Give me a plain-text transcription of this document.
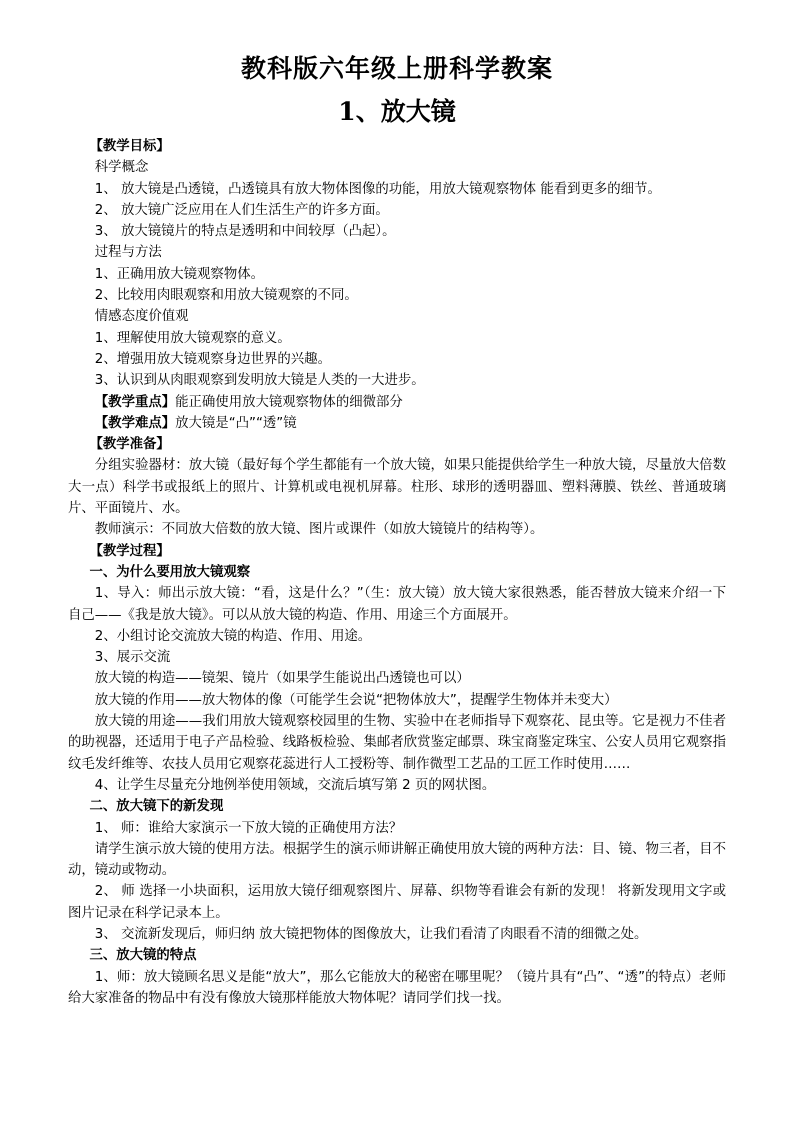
教科版六年级上册科学教案
1、放大镜

【教学目标】

科学概念

1、 放大镜是凸透镜，凸透镜具有放大物体图像的功能，用放大镜观察物体 能看到更多的细节。

2、 放大镜广泛应用在人们生活生产的许多方面。

3、 放大镜镜片的特点是透明和中间较厚（凸起）。

过程与方法

1、正确用放大镜观察物体。

2、比较用肉眼观察和用放大镜观察的不同。

情感态度价值观

1、理解使用放大镜观察的意义。

2、增强用放大镜观察身边世界的兴趣。

3、认识到从肉眼观察到发明放大镜是人类的一大进步。

【教学重点】能正确使用放大镜观察物体的细微部分

【教学难点】放大镜是“凸”“透”镜

【教学准备】

分组实验器材：放大镜（最好每个学生都能有一个放大镜，如果只能提供给学生一种放大镜，尽量放大倍数大一点）科学书或报纸上的照片、计算机或电视机屏幕。柱形、球形的透明器皿、塑料薄膜、铁丝、普通玻璃片、平面镜片、水。

教师演示：不同放大倍数的放大镜、图片或课件（如放大镜镜片的结构等）。

【教学过程】

一、为什么要用放大镜观察

1、导入：师出示放大镜：“看，这是什么？”（生：放大镜）放大镜大家很熟悉，能否替放大镜来介绍一下自己——《我是放大镜》。可以从放大镜的构造、作用、用途三个方面展开。

2、小组讨论交流放大镜的构造、作用、用途。

3、展示交流

放大镜的构造——镜架、镜片（如果学生能说出凸透镜也可以）

放大镜的作用——放大物体的像（可能学生会说“把物体放大”，提醒学生物体并未变大）

放大镜的用途——我们用放大镜观察校园里的生物、实验中在老师指导下观察花、昆虫等。它是视力不佳者的助视器，还适用于电子产品检验、线路板检验、集邮者欣赏鉴定邮票、珠宝商鉴定珠宝、公安人员用它观察指纹毛发纤维等、农技人员用它观察花蕊进行人工授粉等、制作微型工艺品的工匠工作时使用……

4、让学生尽量充分地例举使用领域，交流后填写第 2 页的网状图。

二、放大镜下的新发现

1、 师：谁给大家演示一下放大镜的正确使用方法？

请学生演示放大镜的使用方法。根据学生的演示师讲解正确使用放大镜的两种方法：目、镜、物三者，目不动，镜动或物动。

2、 师 选择一小块面积，运用放大镜仔细观察图片、屏幕、织物等看谁会有新的发现！ 将新发现用文字或图片记录在科学记录本上。

3、 交流新发现后，师归纳 放大镜把物体的图像放大，让我们看清了肉眼看不清的细微之处。

三、放大镜的特点

1、师：放大镜顾名思义是能“放大”，那么它能放大的秘密在哪里呢？（镜片具有“凸”、“透”的特点）老师给大家准备的物品中有没有像放大镜那样能放大物体呢？请同学们找一找。
